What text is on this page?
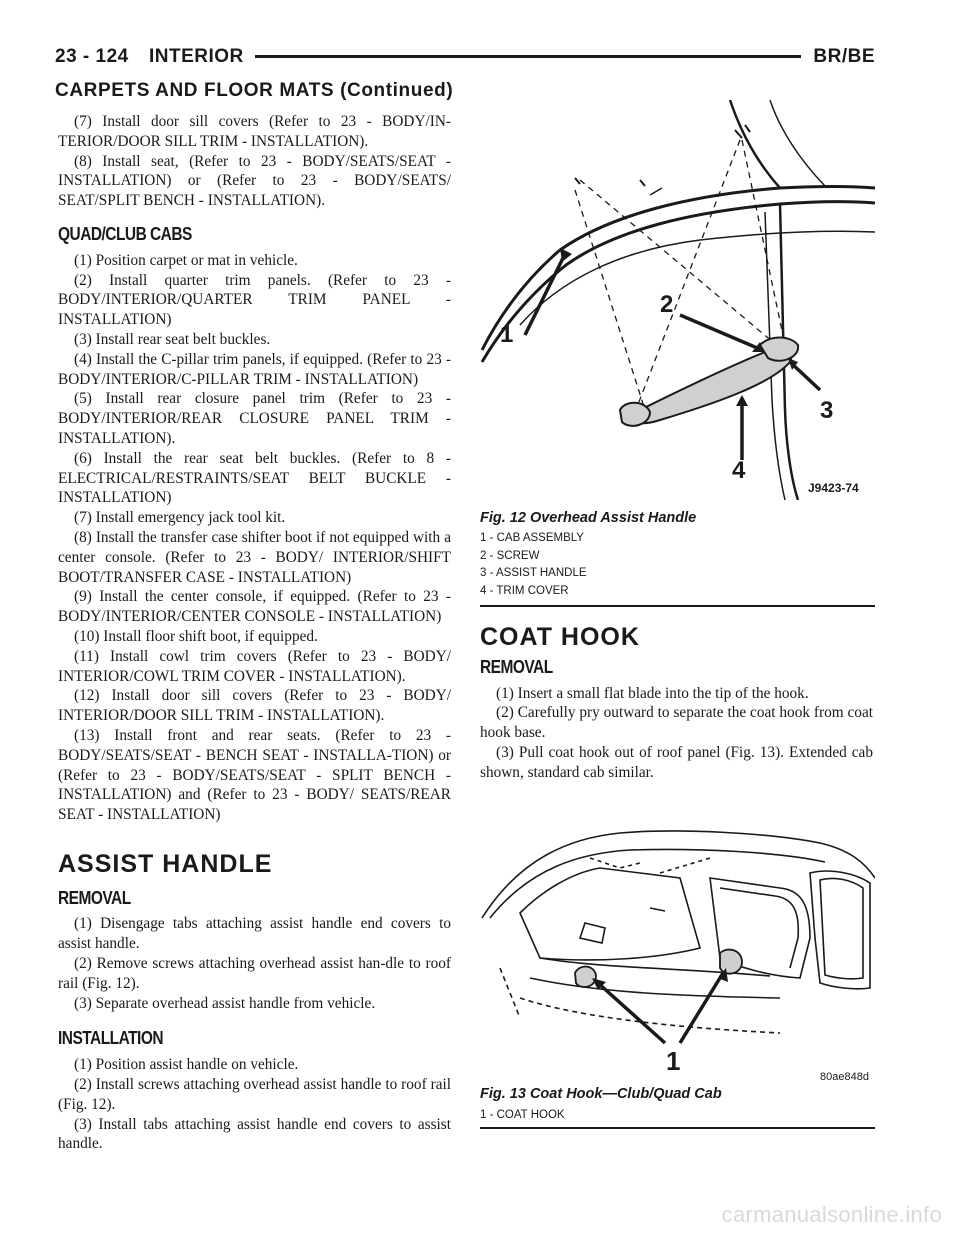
23 - 124 INTERIOR	BR/BE
CARPETS AND FLOOR MATS (Continued)

(7) Install door sill covers (Refer to 23 - BODY/IN-TERIOR/DOOR SILL TRIM - INSTALLATION).

(8) Install seat, (Refer to 23 - BODY/SEATS/SEAT - INSTALLATION) or (Refer to 23 - BODY/SEATS/ SEAT/SPLIT BENCH - INSTALLATION).

QUAD/CLUB CABS

(1) Position carpet or mat in vehicle.

(2) Install quarter trim panels. (Refer to 23 - BODY/INTERIOR/QUARTER TRIM PANEL - INSTALLATION)

(3) Install rear seat belt buckles.

(4) Install the C-pillar trim panels, if equipped. (Refer to 23 - BODY/INTERIOR/C-PILLAR TRIM - INSTALLATION)

(5) Install rear closure panel trim (Refer to 23 - BODY/INTERIOR/REAR CLOSURE PANEL TRIM - INSTALLATION).

(6) Install the rear seat belt buckles. (Refer to 8 - ELECTRICAL/RESTRAINTS/SEAT BELT BUCKLE - INSTALLATION)

(7) Install emergency jack tool kit.

(8) Install the transfer case shifter boot if not equipped with a center console. (Refer to 23 - BODY/ INTERIOR/SHIFT BOOT/TRANSFER CASE - INSTALLATION)

(9) Install the center console, if equipped. (Refer to 23 - BODY/INTERIOR/CENTER CONSOLE - INSTALLATION)

(10) Install floor shift boot, if equipped.

(11) Install cowl trim covers (Refer to 23 - BODY/ INTERIOR/COWL TRIM COVER - INSTALLATION).

(12) Install door sill covers (Refer to 23 - BODY/ INTERIOR/DOOR SILL TRIM - INSTALLATION).

(13) Install front and rear seats. (Refer to 23 - BODY/SEATS/SEAT - BENCH SEAT - INSTALLA-TION) or (Refer to 23 - BODY/SEATS/SEAT - SPLIT BENCH - INSTALLATION) and (Refer to 23 - BODY/ SEATS/REAR SEAT - INSTALLATION)

ASSIST HANDLE
REMOVAL

(1) Disengage tabs attaching assist handle end covers to assist handle.

(2) Remove screws attaching overhead assist han-dle to roof rail (Fig. 12).

(3) Separate overhead assist handle from vehicle.

INSTALLATION

(1) Position assist handle on vehicle.

(2) Install screws attaching overhead assist handle to roof rail (Fig. 12).

(3) Install tabs attaching assist handle end covers to assist handle.

1
2
3
4
J9423-74
Fig. 12 Overhead Assist Handle
1 - CAB ASSEMBLY
2 - SCREW
3 - ASSIST HANDLE
4 - TRIM COVER
COAT HOOK
REMOVAL

(1) Insert a small flat blade into the tip of the hook.

(2) Carefully pry outward to separate the coat hook from coat hook base.

(3) Pull coat hook out of roof panel (Fig. 13). Extended cab shown, standard cab similar.

1
80ae848d
Fig. 13 Coat Hook—Club/Quad Cab
1 - COAT HOOK
carmanualsonline.info
